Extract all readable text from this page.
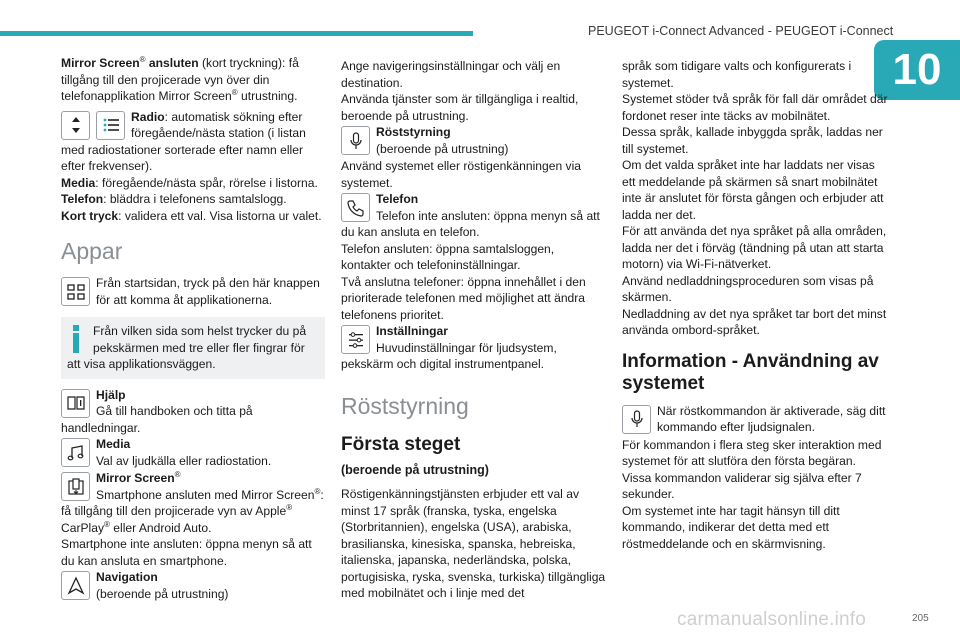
PEUGEOT i-Connect Advanced - PEUGEOT i-Connect
10

Mirror Screen® ansluten (kort tryckning): få tillgång till den projicerade vyn över din telefonapplikation Mirror Screen® utrustning.

Radio: automatisk sökning efter föregående/nästa station (i listan med radiostationer sorterade efter namn eller efter frekvenser).

Media: föregående/nästa spår, rörelse i listorna.

Telefon: bläddra i telefonens samtalslogg.

Kort tryck: validera ett val. Visa listorna ur valet.

Appar
Från startsidan, tryck på den här knappen för att komma åt applikationerna.
Från vilken sida som helst trycker du på pekskärmen med tre eller fler fingrar för att visa applikationsväggen.
Hjälp
Gå till handboken och titta på handledningar.
Media
Val av ljudkälla eller radiostation.
Mirror Screen®
Smartphone ansluten med Mirror Screen®: få tillgång till den projicerade vyn av Apple® CarPlay® eller Android Auto.
Smartphone inte ansluten: öppna menyn så att du kan ansluta en smartphone.
Navigation
(beroende på utrustning)

Ange navigeringsinställningar och välj en destination.

Använda tjänster som är tillgängliga i realtid, beroende på utrustning.

Röststyrning
(beroende på utrustning)

Använd systemet eller röstigenkänningen via systemet.

Telefon
Telefon inte ansluten: öppna menyn så att du kan ansluta en telefon.

Telefon ansluten: öppna samtalsloggen, kontakter och telefoninställningar.

Två anslutna telefoner: öppna innehållet i den prioriterade telefonen med möjlighet att ändra telefonens prioritet.

Inställningar
Huvudinställningar för ljudsystem, pekskärm och digital instrumentpanel.
Röststyrning
Första steget
(beroende på utrustning)

Röstigenkänningstjänsten erbjuder ett val av minst 17 språk (franska, tyska, engelska (Storbritannien), engelska (USA), arabiska, brasilianska, kinesiska, spanska, hebreiska, italienska, japanska, nederländska, polska, portugisiska, ryska, svenska, turkiska) tillgängliga med mobilnätet och i linje med det

språk som tidigare valts och konfigurerats i systemet.

Systemet stöder två språk för fall där området där fordonet reser inte täcks av mobilnätet.

Dessa språk, kallade inbyggda språk, laddas ner till systemet.

Om det valda språket inte har laddats ner visas ett meddelande på skärmen så snart mobilnätet inte är anslutet för första gången och erbjuder att ladda ner det.

För att använda det nya språket på alla områden, ladda ner det i förväg (tändning på utan att starta motorn) via Wi-Fi-nätverket.

Använd nedladdningsproceduren som visas på skärmen.

Nedladdning av det nya språket tar bort det minst använda ombord-språket.

Information - Användning av systemet
När röstkommandon är aktiverade, säg ditt kommando efter ljudsignalen.

För kommandon i flera steg sker interaktion med systemet för att slutföra den första begäran.

Vissa kommandon validerar sig själva efter 7 sekunder.

Om systemet inte har tagit hänsyn till ditt kommando, indikerar det detta med ett röstmeddelande och en skärmvisning.

carmanualsonline.info	205
